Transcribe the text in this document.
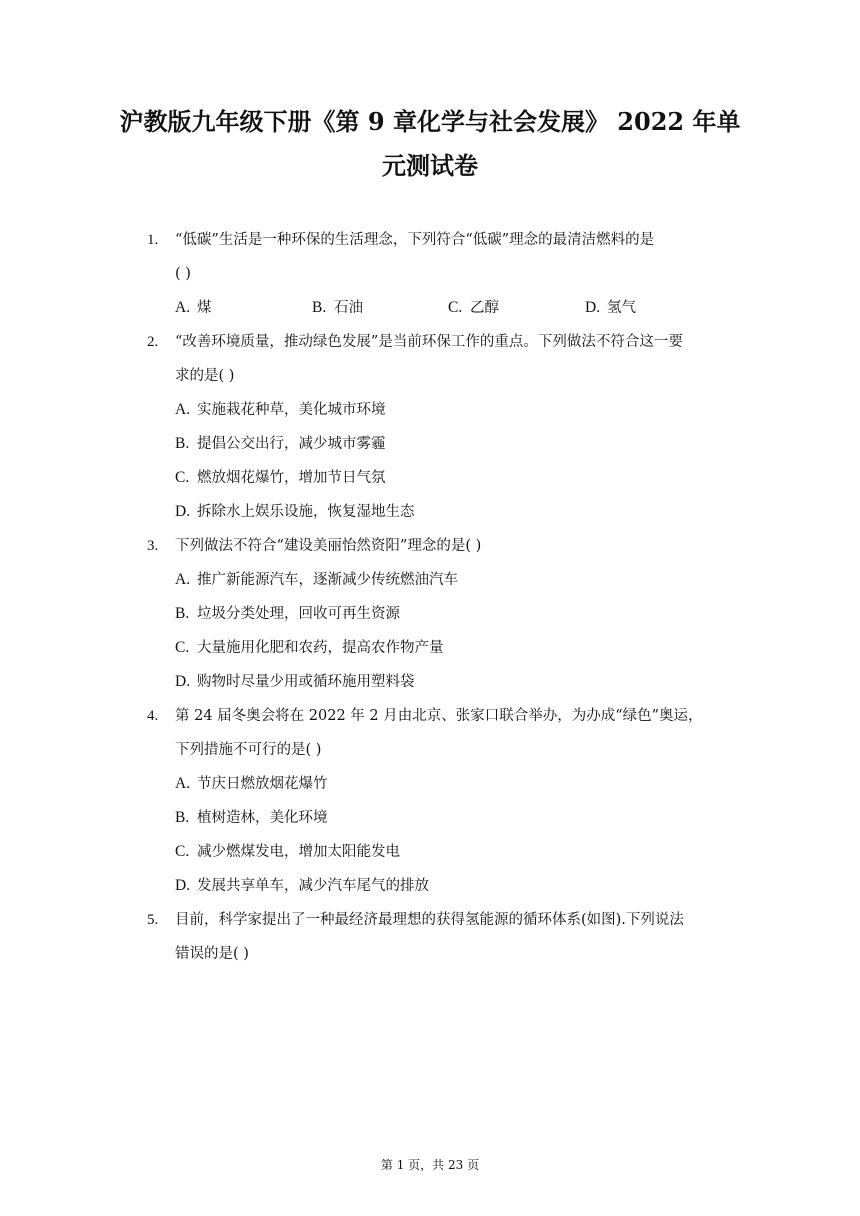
沪教版九年级下册《第 9 章化学与社会发展》 2022 年单
元测试卷
1. “低碳”生活是一种环保的生活理念，下列符合“低碳”理念的最清洁燃料的是
( )
A. 煤	B. 石油	C. 乙醇	D. 氢气
2. “改善环境质量，推动绿色发展”是当前环保工作的重点。下列做法不符合这一要
求的是( )
A. 实施栽花种草，美化城市环境
B. 提倡公交出行，减少城市雾霾
C. 燃放烟花爆竹，增加节日气氛
D. 拆除水上娱乐设施，恢复湿地生态
3. 下列做法不符合“建设美丽怡然资阳”理念的是( )
A. 推广新能源汽车，逐渐减少传统燃油汽车
B. 垃圾分类处理，回收可再生资源
C. 大量施用化肥和农药，提高农作物产量
D. 购物时尽量少用或循环施用塑料袋
4. 第 24 届冬奥会将在 2022 年 2 月由北京、张家口联合举办，为办成“绿色”奥运，
下列措施不可行的是( )
A. 节庆日燃放烟花爆竹
B. 植树造林，美化环境
C. 减少燃煤发电，增加太阳能发电
D. 发展共享单车，减少汽车尾气的排放
5. 目前，科学家提出了一种最经济最理想的获得氢能源的循环体系(如图).下列说法
错误的是( )
第 1 页，共 23 页
